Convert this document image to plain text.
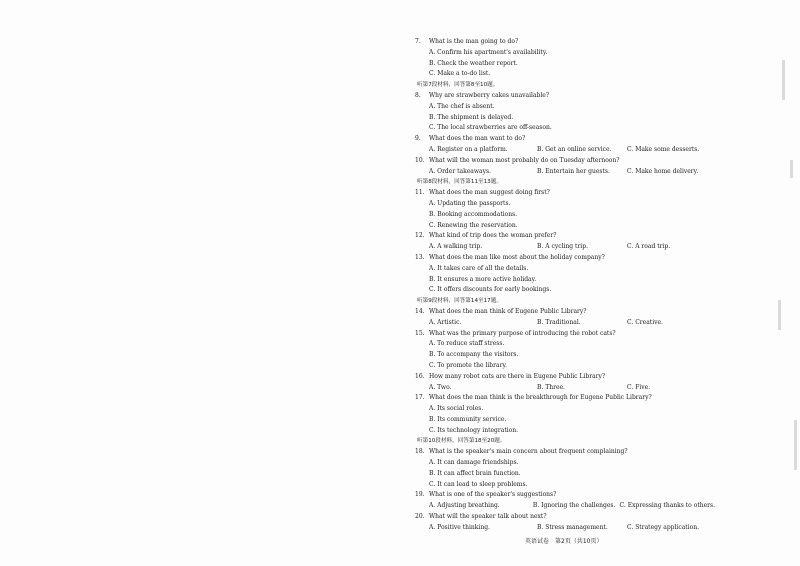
7.	What is the man going to do?
A. Confirm his apartment's availability.
B. Check the weather report.
C. Make a to-do list.
听第7段材料，回答第8至10题。
8.	Why are strawberry cakes unavailable?
A. The chef is absent.
B. The shipment is delayed.
C. The local strawberries are off-season.
9.	What does the man want to do?
A. Register on a platform.	B. Get an online service.	C. Make some desserts.
10. What will the woman most probably do on Tuesday afternoon?
A. Order takeaways.	B. Entertain her guests.	C. Make home delivery.
听第8段材料，回答第11至13题。
11. What does the man suggest doing first?
A. Updating the passports.
B. Booking accommodations.
C. Renewing the reservation.
12. What kind of trip does the woman prefer?
A. A walking trip.	B. A cycling trip.	C. A road trip.
13. What does the man like most about the holiday company?
A. It takes care of all the details.
B. It ensures a more active holiday.
C. It offers discounts for early bookings.
听第9段材料，回答第14至17题。
14. What does the man think of Eugene Public Library?
A. Artistic.	B. Traditional.	C. Creative.
15. What was the primary purpose of introducing the robot cats?
A. To reduce staff stress.
B. To accompany the visitors.
C. To promote the library.
16. How many robot cats are there in Eugene Public Library?
A. Two.	B. Three.	C. Five.
17. What does the man think is the breakthrough for Eugene Public Library?
A. Its social roles.
B. Its community service.
C. Its technology integration.
听第10段材料，回答第18至20题。
18. What is the speaker's main concern about frequent complaining?
A. It can damage friendships.
B. It can affect brain function.
C. It can lead to sleep problems.
19. What is one of the speaker's suggestions?
A. Adjusting breathing.	B. Ignoring the challenges. C. Expressing thanks to others.
20. What will the speaker talk about next?
A. Positive thinking.	B. Stress management.	C. Strategy application.
英语试卷　第2页（共10页）
